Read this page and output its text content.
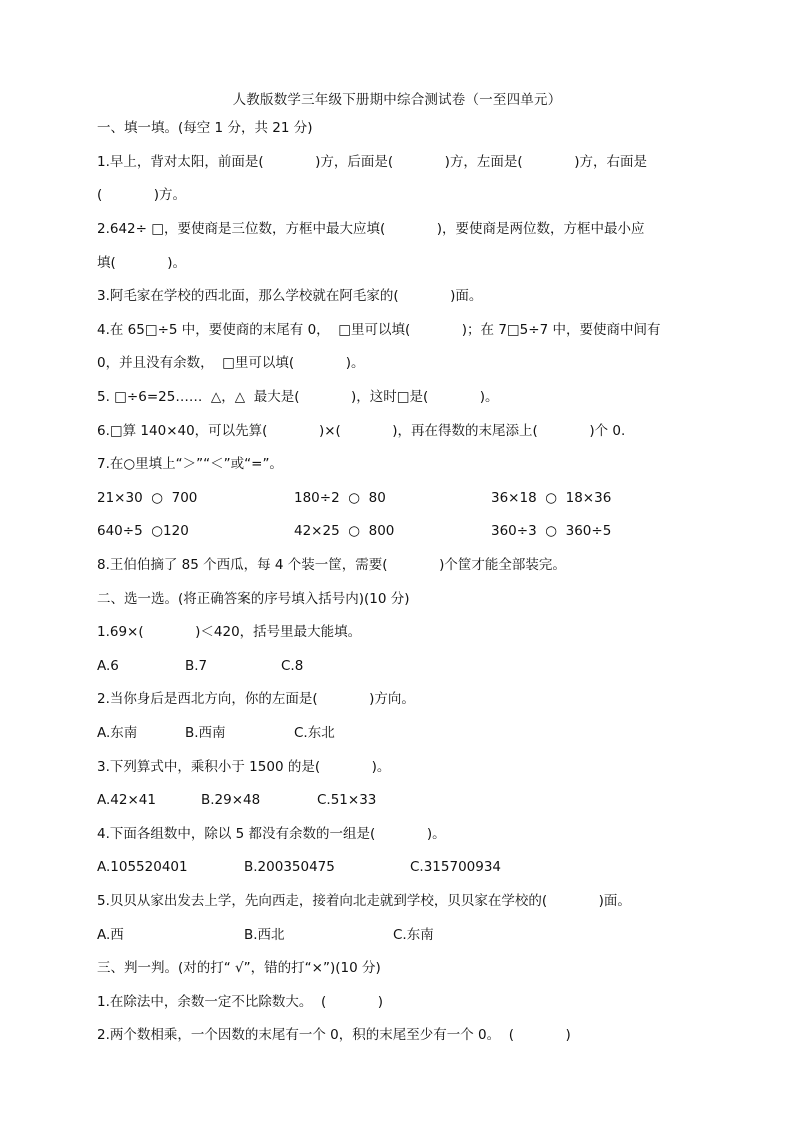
人教版数学三年级下册期中综合测试卷（一至四单元）
一、填一填。(每空 1 分，共 21 分)
1.早上，背对太阳，前面是(            )方，后面是(            )方，左面是(            )方，右面是
(            )方。
2.642÷ □，要使商是三位数，方框中最大应填(            )，要使商是两位数，方框中最小应
填(            )。
3.阿毛家在学校的西北面，那么学校就在阿毛家的(            )面。
4.在 65□÷5 中，要使商的末尾有 0，  □里可以填(            )；在 7□5÷7 中，要使商中间有
0，并且没有余数，  □里可以填(            )。
5. □÷6=25……  △，△  最大是(            )，这时□是(            )。
6.□算 140×40，可以先算(            )×(            )，再在得数的末尾添上(            )个 0.
7.在○里填上“＞”“＜”或“=”。
21×30  ○  700	180÷2  ○  80	36×18  ○  18×36
640÷5  ○120	42×25  ○  800	360÷3  ○  360÷5
8.王伯伯摘了 85 个西瓜，每 4 个装一筐，需要(            )个筐才能全部装完。
二、选一选。(将正确答案的序号填入括号内)(10 分)
1.69×(            )＜420，括号里最大能填。
A.6	B.7	C.8
2.当你身后是西北方向，你的左面是(            )方向。
A.东南	B.西南	C.东北
3.下列算式中，乘积小于 1500 的是(            )。
A.42×41	B.29×48	C.51×33
4.下面各组数中，除以 5 都没有余数的一组是(            )。
A.105520401	B.200350475	C.315700934
5.贝贝从家出发去上学，先向西走，接着向北走就到学校，贝贝家在学校的(            )面。
A.西	B.西北	C.东南
三、判一判。(对的打“ √”，错的打“×”)(10 分)
1.在除法中，余数一定不比除数大。  (            )
2.两个数相乘，一个因数的末尾有一个 0，积的末尾至少有一个 0。  (            )
